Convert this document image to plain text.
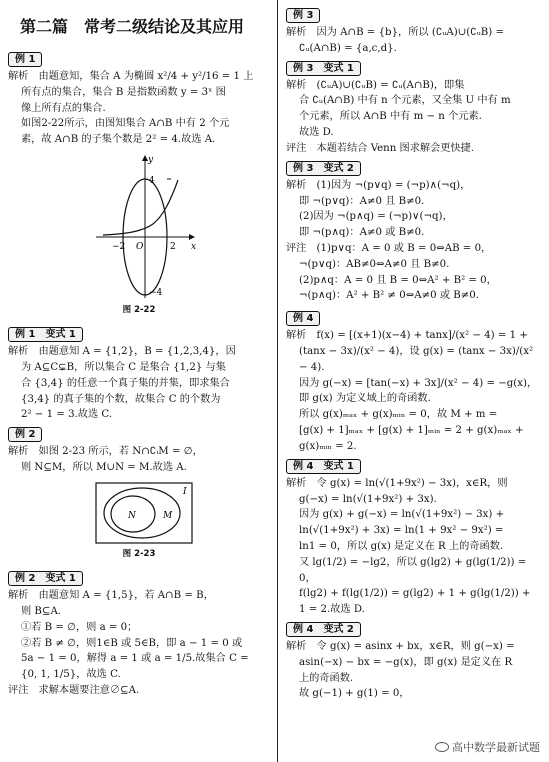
第二篇　常考二级结论及其应用
例 1
解析　由题意知，集合 A 为椭圆 x²/4 + y²/16 = 1 上
所有点的集合，集合 B 是指数函数 y = 3ˣ 图
像上所有点的集合.
如图2-22所示，由图知集合 A∩B 中有 2 个元
素，故 A∩B 的子集个数是 2² = 4.故选 A.
x
y
O
−2	2
4
−4
图 2-22
例 1　变式 1
解析　由题意知 A = {1,2}，B = {1,2,3,4}，因
为 A⊆C⊊B，所以集合 C 是集合 {1,2} 与集
合 {3,4} 的任意一个真子集的并集，即求集合
{3,4} 的真子集的个数，故集合 C 的个数为
2² − 1 = 3.故选 C.
例 2
解析　如图 2-23 所示，若 N∩∁ᵢM = ∅，
则 N⊆M，所以 M∪N = M.故选 A.
I
N	M
图 2-23
例 2　变式 1
解析　由题意知 A = {1,5}，若 A∩B = B，
则 B⊆A.
①若 B = ∅，则 a = 0；
②若 B ≠ ∅，则1∈B 或 5∈B，即 a − 1 = 0 或
5a − 1 = 0，解得 a = 1 或 a = 1/5.故集合 C =
{0, 1, 1/5}，故选 C.
评注　求解本题要注意∅⊆A.
例 3
解析　因为 A∩B = {b}，所以 (∁ᵤA)∪(∁ᵤB) =
∁ᵤ(A∩B) = {a,c,d}.
例 3　变式 1
解析　(∁ᵤA)∪(∁ᵤB) = ∁ᵤ(A∩B)，即集
合 ∁ᵤ(A∩B) 中有 n 个元素，又全集 U 中有 m
个元素，所以 A∩B 中有 m − n 个元素.
故选 D.
评注　本题若结合 Venn 图求解会更快捷.
例 3　变式 2
解析　(1)因为 ¬(p∨q) = (¬p)∧(¬q)，
即 ¬(p∨q)：A≠0 且 B≠0.
(2)因为 ¬(p∧q) = (¬p)∨(¬q)，
即 ¬(p∧q)：A≠0 或 B≠0.
评注　(1)p∨q：A = 0 或 B = 0⇔AB = 0，
¬(p∨q)：AB≠0⇔A≠0 且 B≠0.
(2)p∧q：A = 0 且 B = 0⇔A² + B² = 0，
¬(p∧q)：A² + B² ≠ 0⇔A≠0 或 B≠0.
例 4
解析　f(x) = [(x+1)(x−4) + tanx]/(x² − 4) = 1 +
(tanx − 3x)/(x² − 4)，设 g(x) = (tanx − 3x)/(x² − 4).
因为 g(−x) = [tan(−x) + 3x]/(x² − 4) = −g(x)，
即 g(x) 为定义域上的奇函数.
所以 g(x)ₘₐₓ + g(x)ₘᵢₙ = 0，故 M + m =
[g(x) + 1]ₘₐₓ + [g(x) + 1]ₘᵢₙ = 2 + g(x)ₘₐₓ +
g(x)ₘᵢₙ = 2.
例 4　变式 1
解析　令 g(x) = ln(√(1+9x²) − 3x)，x∈R，则
g(−x) = ln(√(1+9x²) + 3x).
因为 g(x) + g(−x) = ln(√(1+9x²) − 3x) +
ln(√(1+9x²) + 3x) = ln(1 + 9x² − 9x²) =
ln1 = 0，所以 g(x) 是定义在 R 上的奇函数.
又 lg(1/2) = −lg2，所以 g(lg2) + g(lg(1/2)) = 0，
f(lg2) + f(lg(1/2)) = g(lg2) + 1 + g(lg(1/2)) +
1 = 2.故选 D.
例 4　变式 2
解析　令 g(x) = asinx + bx，x∈R，则 g(−x) =
asin(−x) − bx = −g(x)，即 g(x) 是定义在 R
上的奇函数.
故 g(−1) + g(1) = 0，
高中数学最新试题
